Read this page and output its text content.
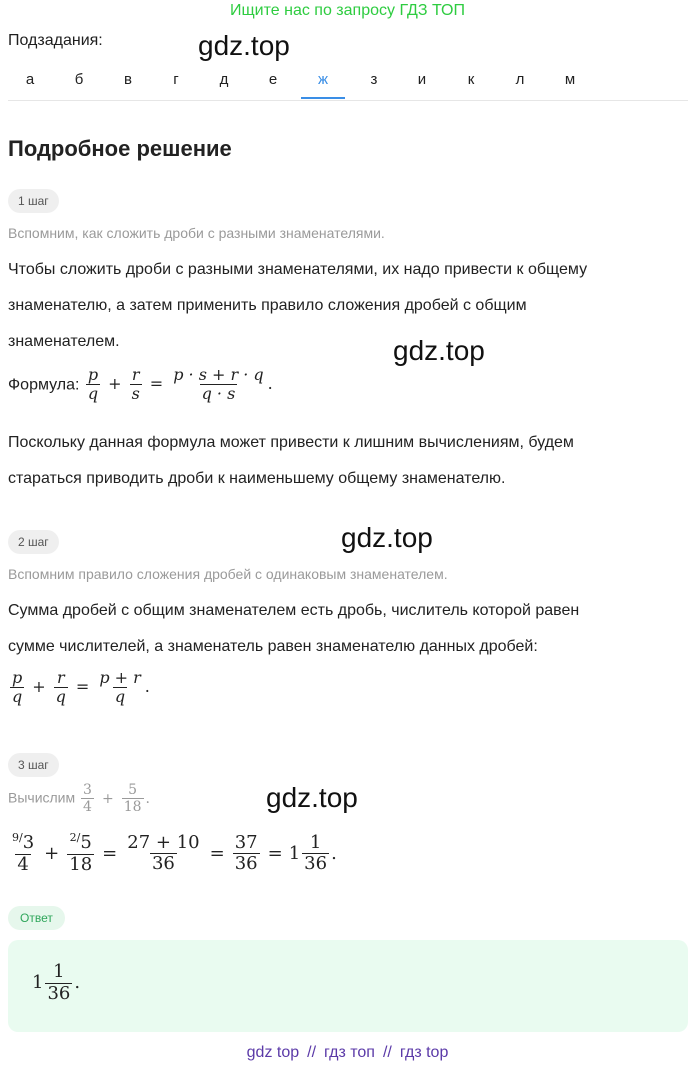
Ищите нас по запросу ГДЗ ТОП
Подзадания:	gdz.top
gdz.top
gdz.top
gdz.top
а	б	в	г	д	е	ж	з	и	к	л	м
Подробное решение
1 шаг
Вспомним, как сложить дроби с разными знаменателями.
Чтобы сложить дроби с разными знаменателями, их надо привести к общему
знаменателю, а затем применить правило сложения дробей с общим
знаменателем.
Формула: $\frac{p}{q} + \frac{r}{s} = \frac{p \cdot s + r \cdot q}{q \cdot s}$ .
Поскольку данная формула может привести к лишним вычислениям, будем
стараться приводить дроби к наименьшему общему знаменателю.
2 шаг
Вспомним правило сложения дробей с одинаковым знаменателем.
Сумма дробей с общим знаменателем есть дробь, числитель которой равен
сумме числителей, а знаменатель равен знаменателю данных дробей:
$\frac{p}{q} + \frac{r}{q} = \frac{p + r}{q}$ .
3 шаг
Вычислим $\frac{3}{4} + \frac{5}{18}$ .
$\frac{^{9/}3}{4} + \frac{^{2/}5}{18} = \frac{27 + 10}{36} = \frac{37}{36} = 1 \frac{1}{36}$ .
Ответ
$1 \frac{1}{36}$ .
gdz top // гдз топ // гдз top
